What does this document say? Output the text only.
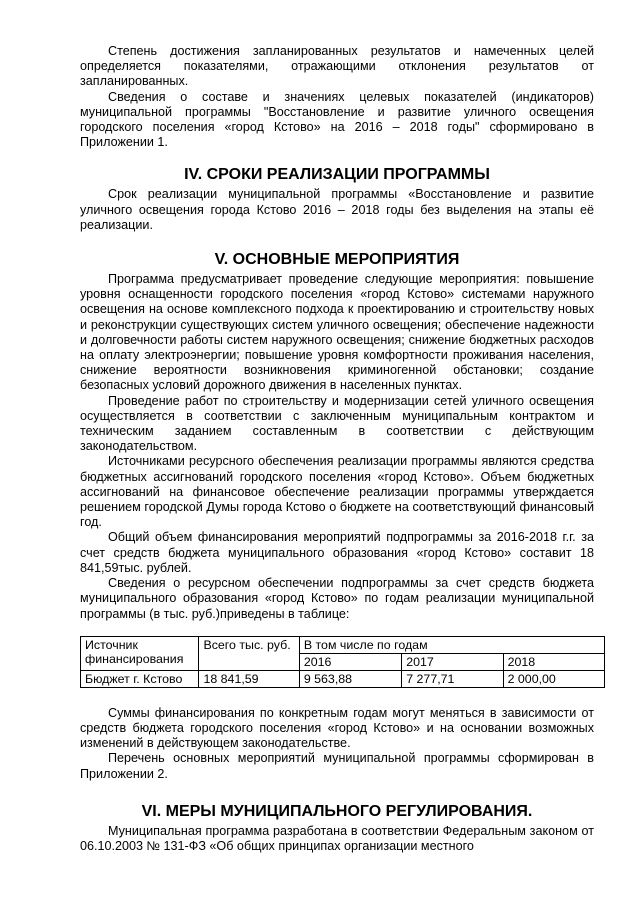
Степень достижения запланированных результатов и намеченных целей определяется показателями, отражающими отклонения результатов от запланированных.

Сведения о составе и значениях целевых показателей (индикаторов) муниципальной программы "Восстановление и развитие уличного освещения городского поселения «город Кстово» на 2016 – 2018 годы" сформировано в Приложении 1.

IV. СРОКИ РЕАЛИЗАЦИИ ПРОГРАММЫ

Срок реализации муниципальной программы «Восстановление и развитие уличного освещения города Кстово 2016 – 2018 годы без выделения на этапы её реализации.

V. ОСНОВНЫЕ МЕРОПРИЯТИЯ

Программа предусматривает проведение следующие мероприятия: повышение уровня оснащенности городского поселения «город Кстово» системами наружного освещения на основе комплексного подхода к проектированию и строительству новых и реконструкции существующих систем уличного освещения; обеспечение надежности и долговечности работы систем наружного освещения; снижение бюджетных расходов на оплату электроэнергии; повышение уровня комфортности проживания населения, снижение вероятности возникновения криминогенной обстановки; создание безопасных условий дорожного движения в населенных пунктах.

Проведение работ по строительству и модернизации сетей уличного освещения осуществляется в соответствии с заключенным муниципальным контрактом и техническим заданием составленным в соответствии с действующим законодательством.

Источниками ресурсного обеспечения реализации программы являются средства бюджетных ассигнований городского поселения «город Кстово». Объем бюджетных ассигнований на финансовое обеспечение реализации программы утверждается решением городской Думы города Кстово о бюджете на соответствующий финансовый год.

Общий объем финансирования мероприятий подпрограммы за 2016-2018 г.г. за счет средств бюджета муниципального образования «город Кстово» составит 18 841,59тыс. рублей.

Сведения о ресурсном обеспечении подпрограммы за счет средств бюджета муниципального образования «город Кстово» по годам реализации муниципальной программы (в тыс. руб.)приведены в таблице:

Источник финансирования	Всего тыс. руб.	В том числе по годам		
		2016	2017	2018
Бюджет г. Кстово	18 841,59	9 563,88	7 277,71	2 000,00

Суммы финансирования по конкретным годам могут меняться в зависимости от средств бюджета городского поселения «город Кстово» и на основании возможных изменений в действующем законодательстве.

Перечень основных мероприятий муниципальной программы сформирован в Приложении 2.

VI. МЕРЫ МУНИЦИПАЛЬНОГО РЕГУЛИРОВАНИЯ.

Муниципальная программа разработана в соответствии Федеральным законом от 06.10.2003 № 131-ФЗ «Об общих принципах организации местного
